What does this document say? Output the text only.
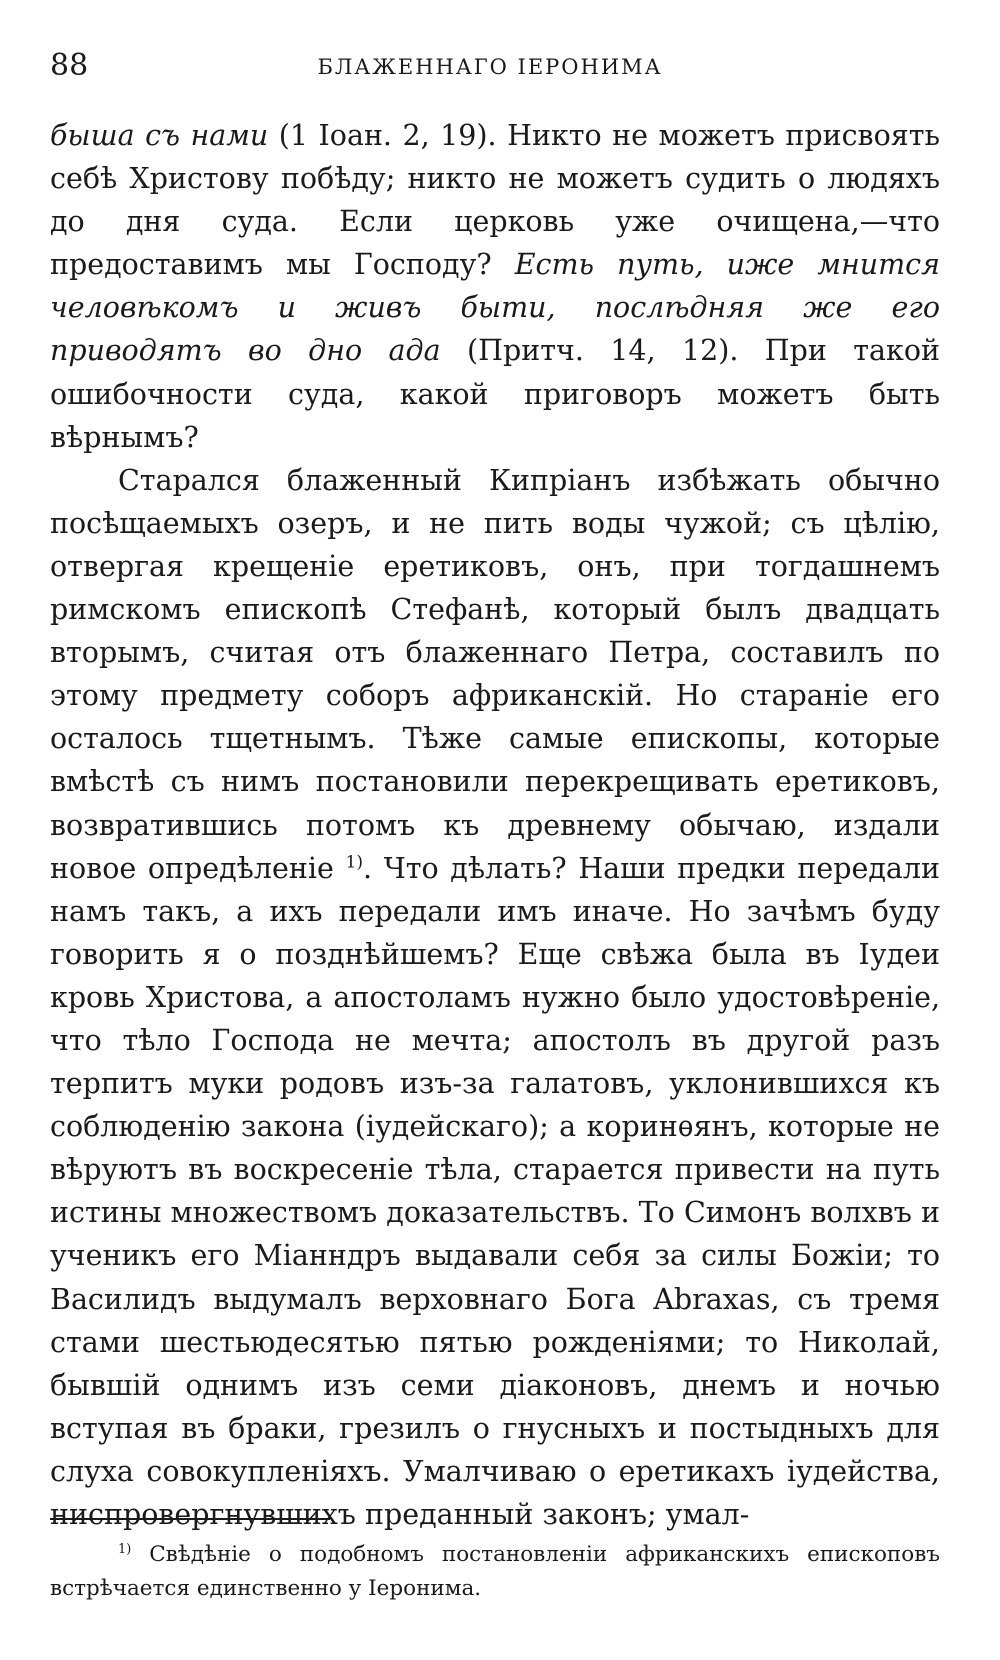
88	БЛАЖЕННАГО ІЕРОНИМА

быша съ нами (1 Іоан. 2, 19). Никто не можетъ присвоять себѣ Христову побѣду; никто не можетъ судить о людяхъ до дня суда. Если церковь уже очищена,—что предоставимъ мы Господу? Есть путь, иже мнится человѣкомъ и живъ быти, послѣдняя же его приводятъ во дно ада (Притч. 14, 12). При такой ошибочности суда, какой приговоръ можетъ быть вѣрнымъ?

Старался блаженный Кипріанъ избѣжать обычно посѣщаемыхъ озеръ, и не пить воды чужой; съ цѣлію, отвергая крещеніе еретиковъ, онъ, при тогдашнемъ римскомъ епископѣ Стефанѣ, который былъ двадцать вторымъ, считая отъ блаженнаго Петра, составилъ по этому предмету соборъ африканскій. Но стараніе его осталось тщетнымъ. Тѣже самые епископы, которые вмѣстѣ съ нимъ постановили перекрещивать еретиковъ, возвратившись потомъ къ древнему обычаю, издали новое опредѣленіе $^{1)}$. Что дѣлать? Наши предки передали намъ такъ, а ихъ передали имъ иначе. Но зачѣмъ буду говорить я о позднѣйшемъ? Еще свѣжа была въ Іудеи кровь Христова, а апостоламъ нужно было удостовѣреніе, что тѣло Господа не мечта; апостолъ въ другой разъ терпитъ муки родовъ изъ-за галатовъ, уклонившихся къ соблюденію закона (іудейскаго); а коринѳянъ, которые не вѣруютъ въ воскресеніе тѣла, старается привести на путь истины множествомъ доказательствъ. То Симонъ волхвъ и ученикъ его Міанндръ выдавали себя за силы Божіи; то Василидъ выдумалъ верховнаго Бога Abraxas, съ тремя стами шестьюдесятью пятью рожденіями; то Николай, бывшій однимъ изъ семи діаконовъ, днемъ и ночью вступая въ браки, грезилъ о гнусныхъ и постыдныхъ для слуха совокупленіяхъ. Умалчиваю о еретикахъ іудейства, ниспровергнувшихъ преданный законъ; умал-

$^{1)}$ Свѣдѣніе о подобномъ постановленіи африканскихъ епископовъ встрѣчается единственно у Іеронима.
